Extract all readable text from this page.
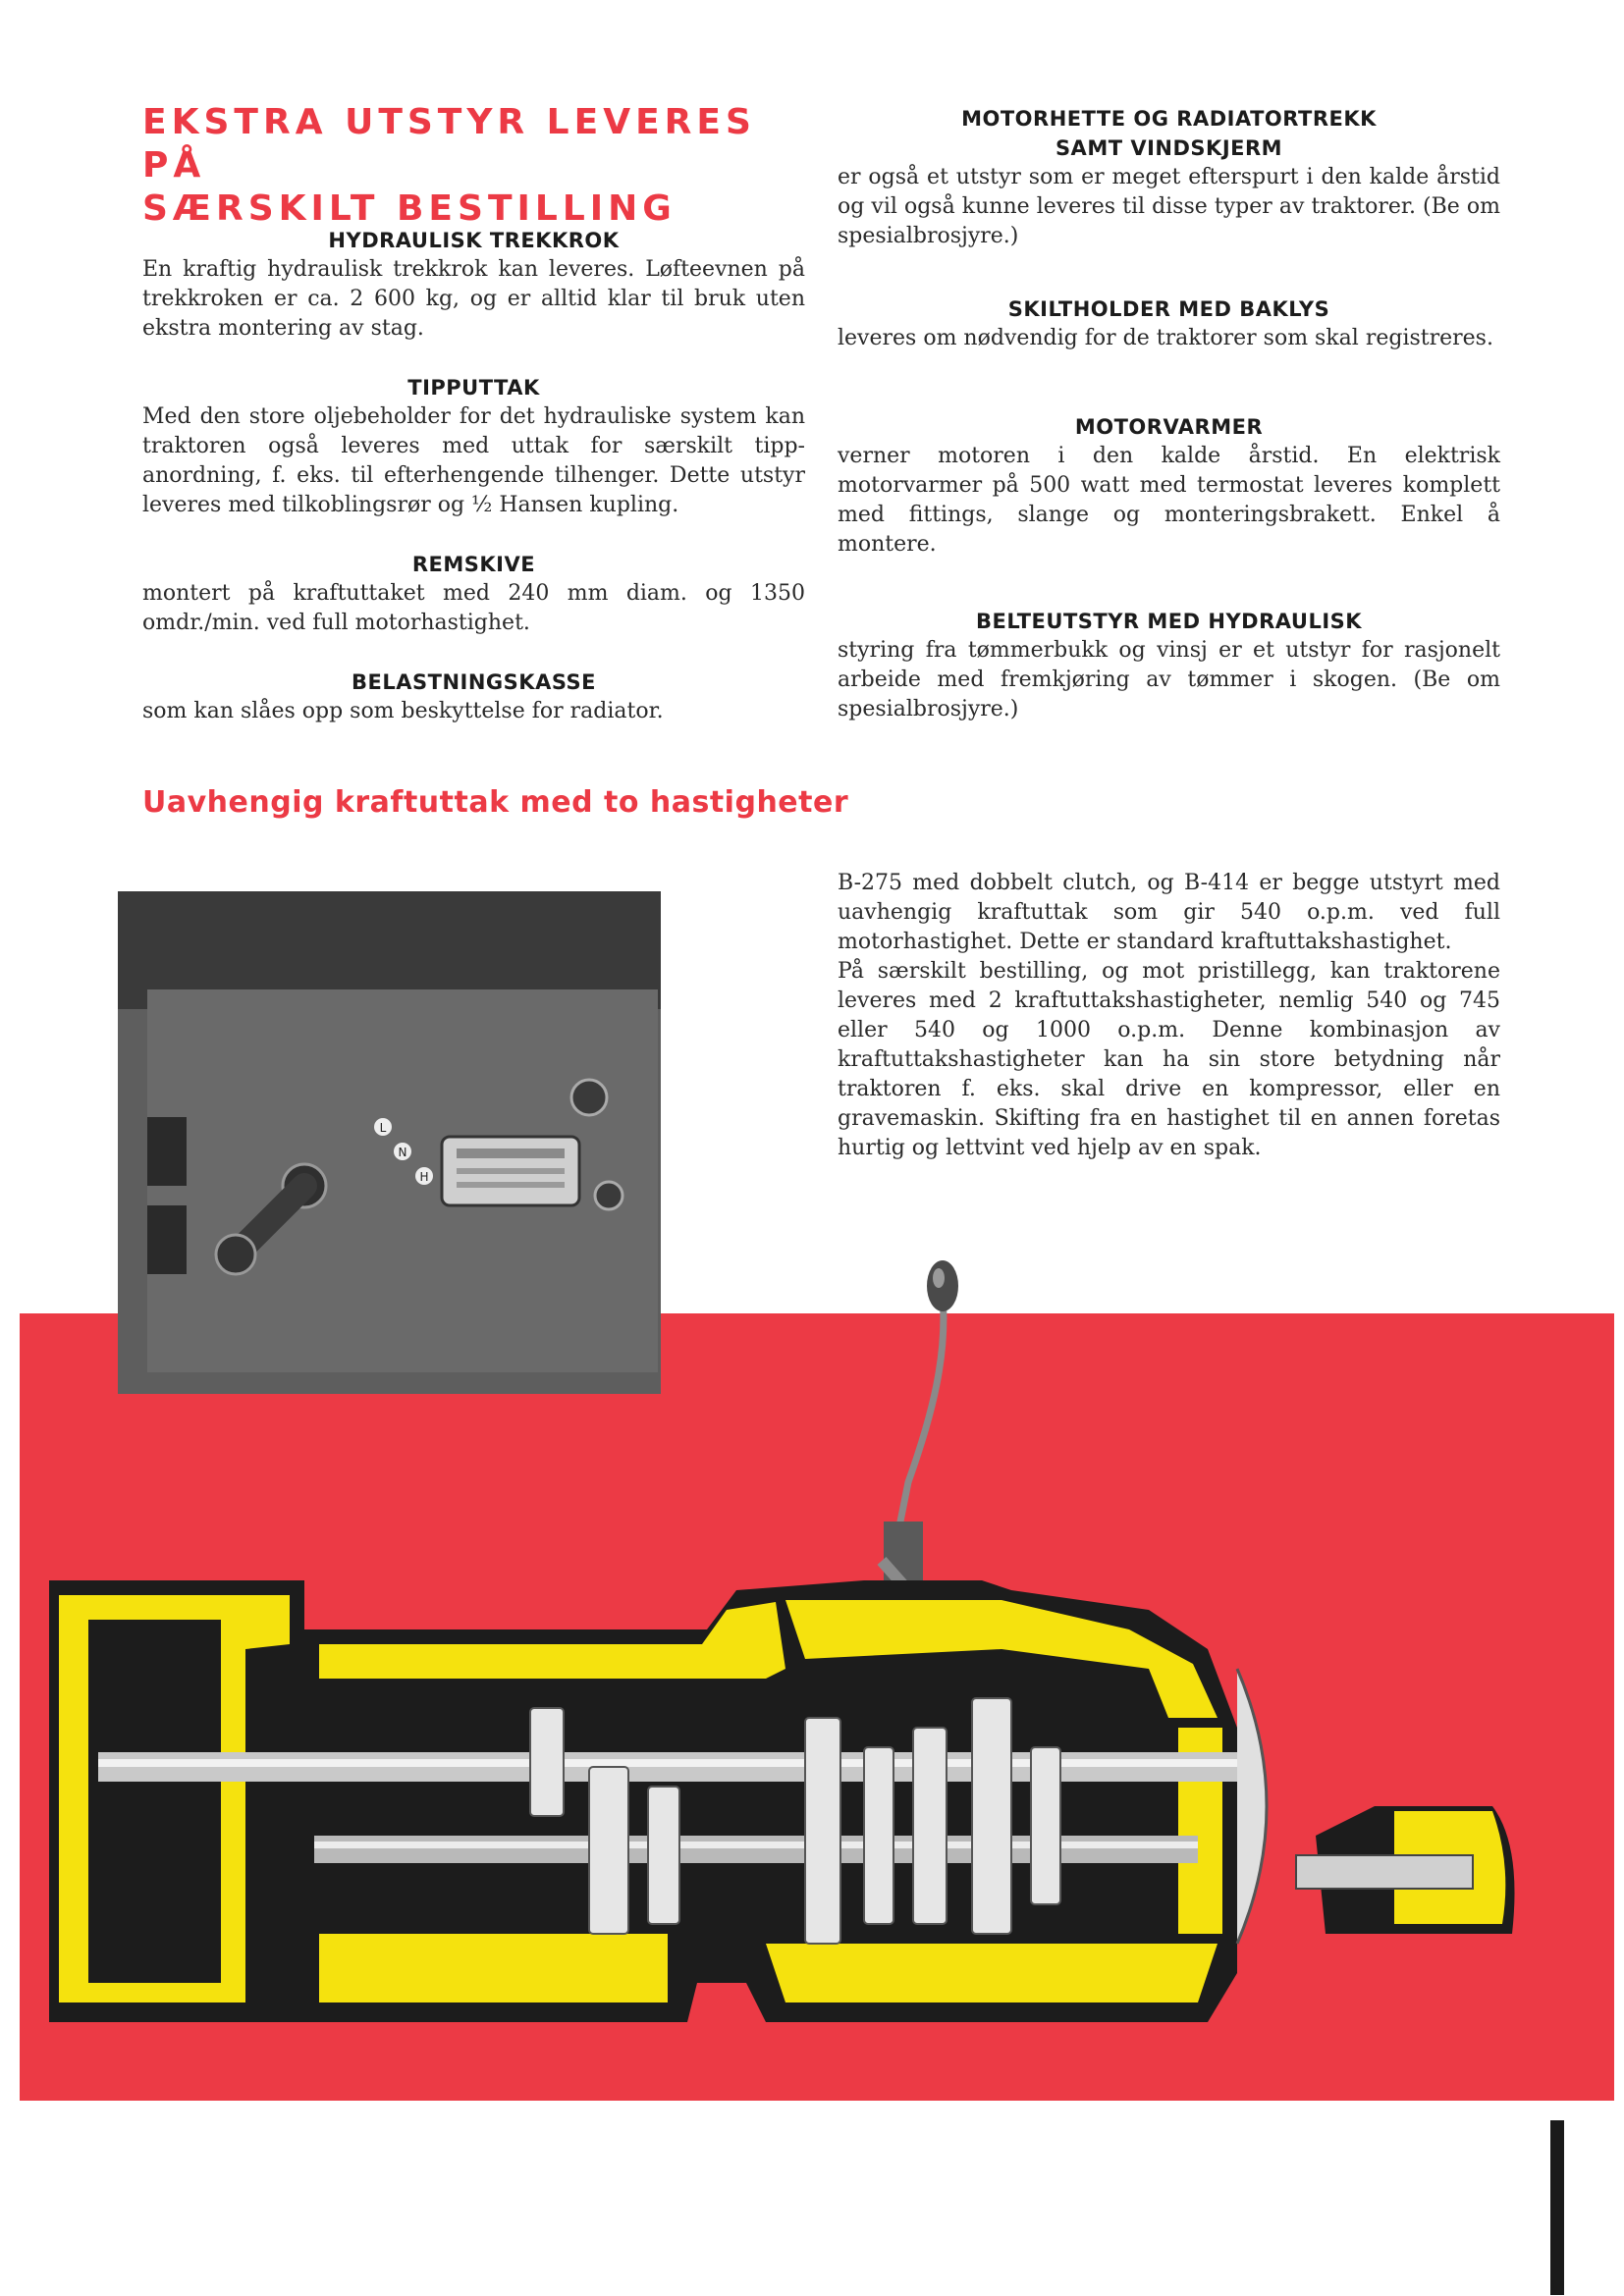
EKSTRA UTSTYR LEVERES PÅ
SÆRSKILT BESTILLING
HYDRAULISK TREKKROK

En kraftig hydraulisk trekkrok kan leveres. Løfteevnen på trekkroken er ca. 2 600 kg, og er alltid klar til bruk uten ekstra montering av stag.

TIPPUTTAK

Med den store oljebeholder for det hydrauliske system kan traktoren også leveres med uttak for særskilt tipp-anordning, f. eks. til efterhengende tilhenger. Dette utstyr leveres med tilkoblingsrør og ½ Hansen kupling.

REMSKIVE

montert på kraftuttaket med 240 mm diam. og 1350 omdr./min. ved full motorhastighet.

BELASTNINGSKASSE

som kan slåes opp som beskyttelse for radiator.

MOTORHETTE OG RADIATORTREKK
SAMT VINDSKJERM

er også et utstyr som er meget efterspurt i den kalde årstid og vil også kunne leveres til disse typer av traktorer. (Be om spesialbrosjyre.)

SKILTHOLDER MED BAKLYS

leveres om nødvendig for de traktorer som skal registreres.

MOTORVARMER

verner motoren i den kalde årstid. En elektrisk motorvarmer på 500 watt med termostat leveres komplett med fittings, slange og monteringsbrakett. Enkel å montere.

BELTEUTSTYR MED HYDRAULISK

styring fra tømmerbukk og vinsj er et utstyr for rasjonelt arbeide med fremkjøring av tømmer i skogen. (Be om spesialbrosjyre.)

Uavhengig kraftuttak med to hastigheter

B-275 med dobbelt clutch, og B-414 er begge utstyrt med uavhengig kraftuttak som gir 540 o.p.m. ved full motorhastighet. Dette er standard kraftuttakshastighet.

På særskilt bestilling, og mot pristillegg, kan traktorene leveres med 2 kraftuttakshastigheter, nemlig 540 og 745 eller 540 og 1000 o.p.m. Denne kombinasjon av kraftuttakshastigheter kan ha sin store betydning når traktoren f. eks. skal drive en kompressor, eller en gravemaskin. Skifting fra en hastighet til en annen foretas hurtig og lettvint ved hjelp av en spak.

L
N
H
